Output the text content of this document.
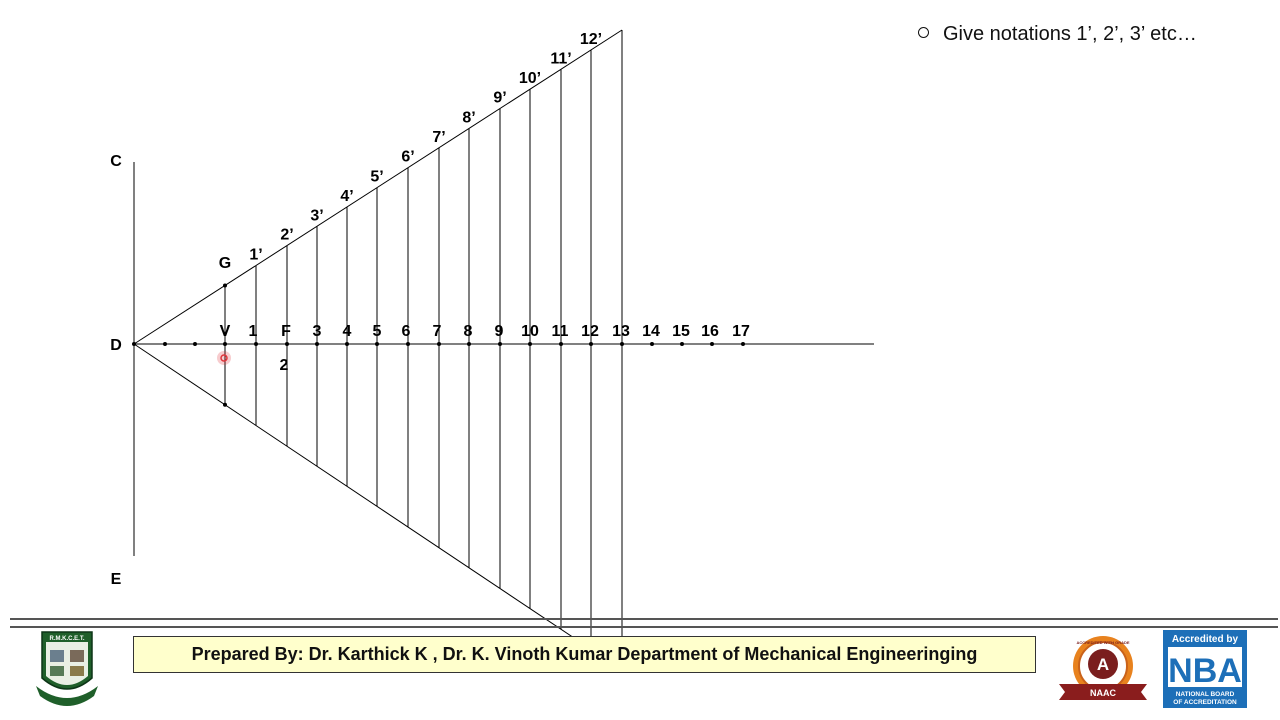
C
D
E
G
V	F
2
1	3 4 5 6 7 8 9 10 11 12 13 14 15 16 17
1’
2’
3’
4’
5’
6’
7’
8’
9’
10’
11’
12’	Give notations 1’, 2’, 3’ etc…
Prepared By: Dr. Karthick K , Dr. K. Vinoth Kumar Department of Mechanical Engineeringing
R.M.K.C.E.T.
A
ACCREDITED WITH GRADE
NAAC
Accredited by
NBA
NATIONAL BOARD
OF ACCREDITATION
